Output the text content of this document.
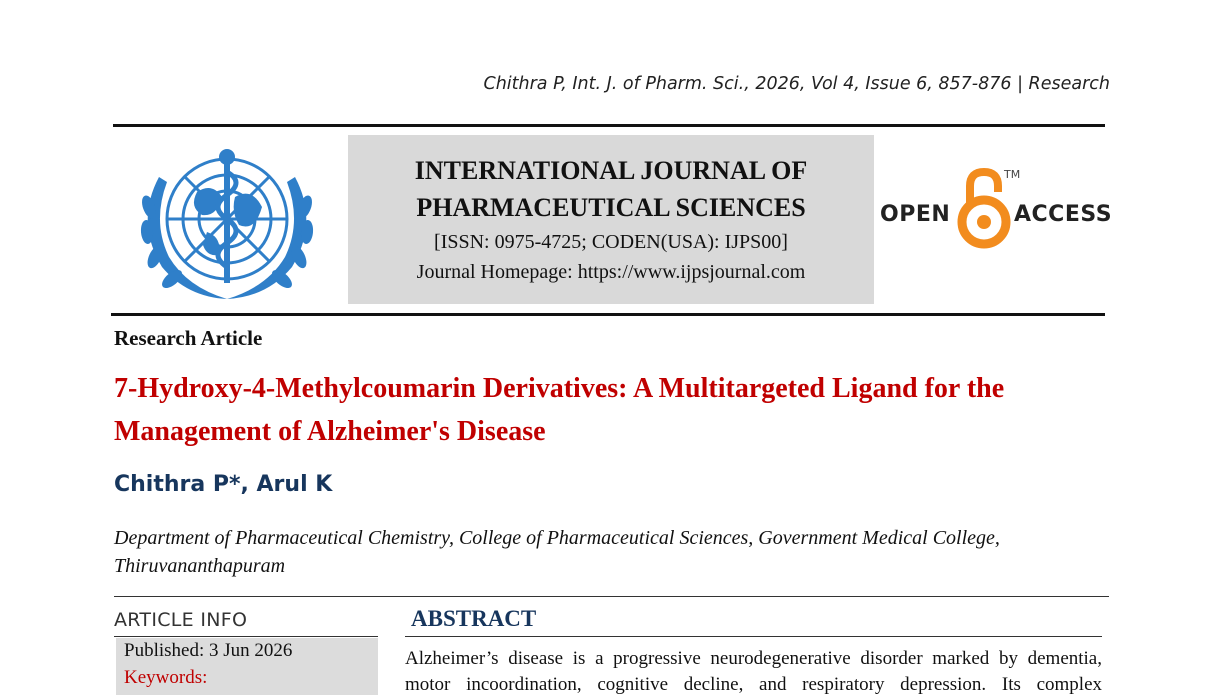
Chithra P, Int. J. of Pharm. Sci., 2026, Vol 4, Issue 6, 857-876 | Research
INTERNATIONAL JOURNAL OF
PHARMACEUTICAL SCIENCES
[ISSN: 0975-4725; CODEN(USA): IJPS00]
Journal Homepage: https://www.ijpsjournal.com
OPEN
TM
ACCESS
Research Article
7-Hydroxy-4-Methylcoumarin Derivatives: A Multitargeted Ligand for the Management of Alzheimer's Disease
Chithra P*, Arul K
Department of Pharmaceutical Chemistry, College of Pharmaceutical Sciences, Government Medical College, Thiruvananthapuram
ARTICLE INFO
Published: 3 Jun 2026
Keywords:
ABSTRACT
Alzheimer’s disease is a progressive neurodegenerative disorder marked by dementia,
motor incoordination, cognitive decline, and respiratory depression. Its complex
